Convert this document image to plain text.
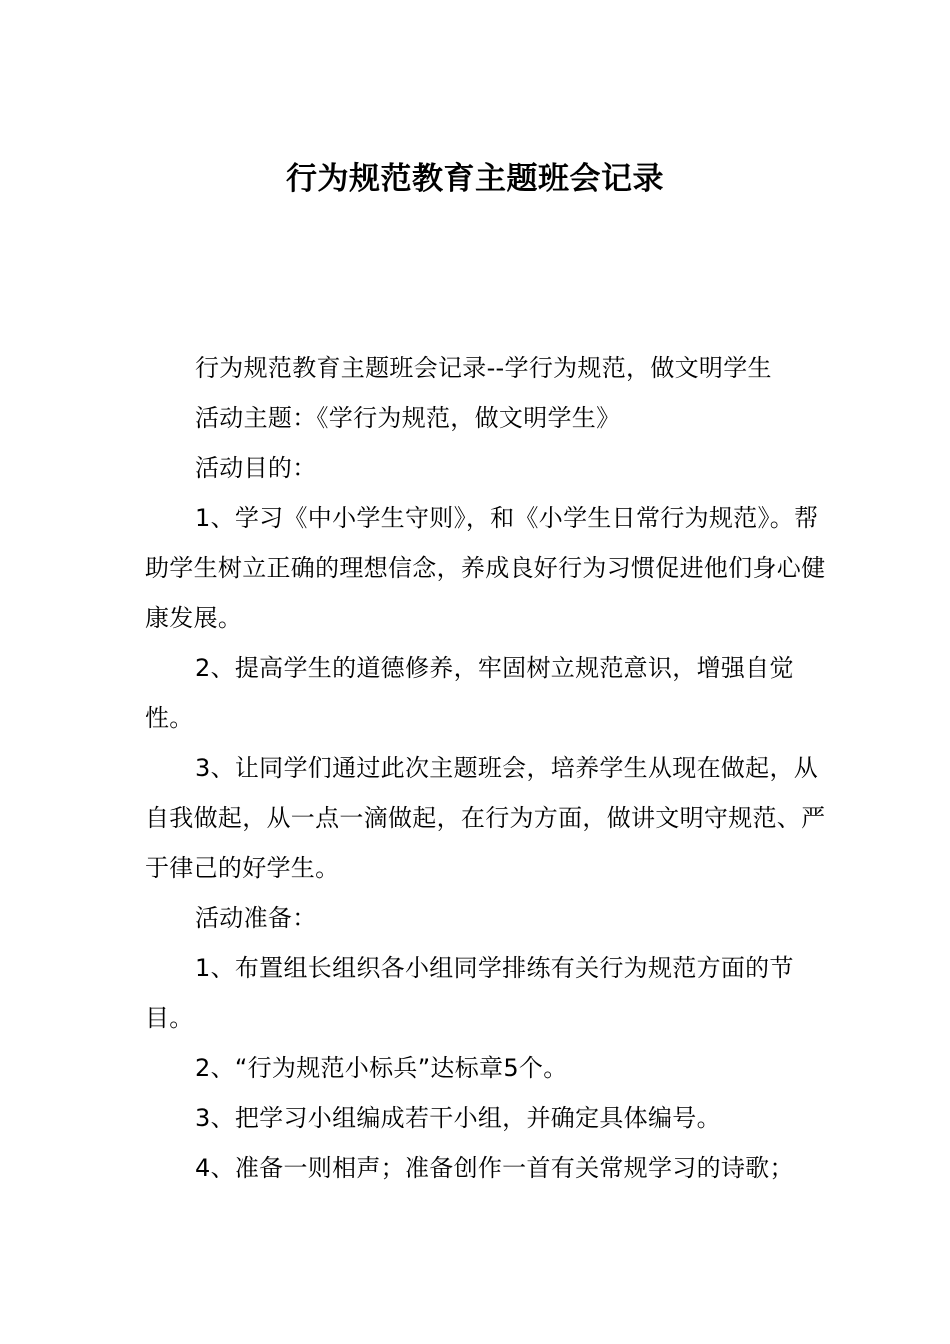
行为规范教育主题班会记录

行为规范教育主题班会记录--学行为规范，做文明学生

活动主题：《学行为规范，做文明学生》

活动目的：

1、学习《中小学生守则》，和《小学生日常行为规范》。帮助学生树立正确的理想信念，养成良好行为习惯促进他们身心健康发展。

2、提高学生的道德修养，牢固树立规范意识，增强自觉性。

3、让同学们通过此次主题班会，培养学生从现在做起，从自我做起，从一点一滴做起，在行为方面，做讲文明守规范、严于律己的好学生。

活动准备：

1、布置组长组织各小组同学排练有关行为规范方面的节目。

2、“行为规范小标兵”达标章5个。

3、把学习小组编成若干小组，并确定具体编号。

4、准备一则相声；准备创作一首有关常规学习的诗歌；
